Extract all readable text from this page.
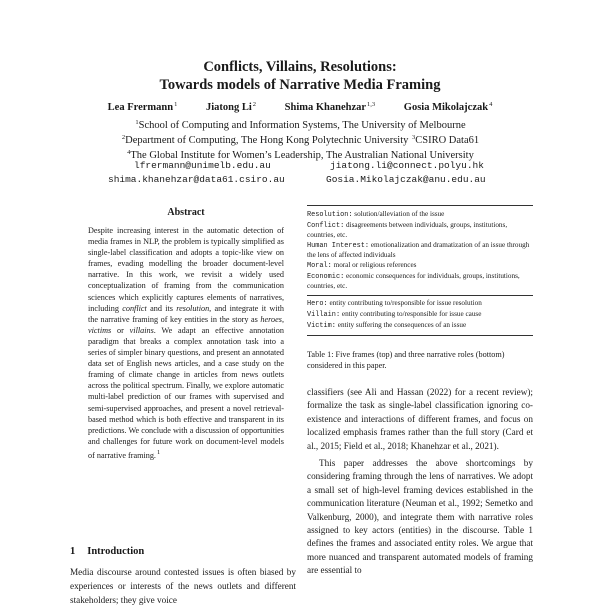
Conflicts, Villains, Resolutions:
Towards models of Narrative Media Framing
Lea Frermann$^1$	Jiatong Li$^2$	Shima Khanehzar$^{1,3}$	Gosia Mikolajczak$^4$
$^1$School of Computing and Information Systems, The University of Melbourne
$^2$Department of Computing, The Hong Kong Polytechnic University $^3$CSIRO Data61
$^4$The Global Institute for Women’s Leadership, The Australian National University
lfrermann@unimelb.edu.au	jiatong.li@connect.polyu.hk
shima.khanehzar@data61.csiro.au	Gosia.Mikolajczak@anu.edu.au
Abstract
Despite increasing interest in the automatic detection of media frames in NLP, the problem is typically simplified as single-label classification and adopts a topic-like view on frames, evading modelling the broader document-level narrative. In this work, we revisit a widely used conceptualization of framing from the communication sciences which explicitly captures elements of narratives, including conflict and its resolution, and integrate it with the narrative framing of key entities in the story as heroes, victims or villains. We adapt an effective annotation paradigm that breaks a complex annotation task into a series of simpler binary questions, and present an annotated data set of English news articles, and a case study on the framing of climate change in articles from news outlets across the political spectrum. Finally, we explore automatic multi-label prediction of our frames with supervised and semi-supervised approaches, and present a novel retrieval-based method which is both effective and transparent in its predictions. We conclude with a discussion of opportunities and challenges for future work on document-level models of narrative framing.$^1$
1 Introduction
Media discourse around contested issues is often biased by experiences or interests of the news outlets and different stakeholders; they give voice
Resolution: solution/alleviation of the issue
Conflict: disagreements between individuals, groups, institutions, countries, etc.
Human Interest: emotionalization and dramatization of an issue through the lens of affected individuals
Moral: moral or religious references
Economic: economic consequences for individuals, groups, institutions, countries, etc.
Hero: entity contributing to/responsible for issue resolution
Villain: entity contributing to/responsible for issue cause
Victim: entity suffering the consequences of an issue
Table 1: Five frames (top) and three narrative roles (bottom) considered in this paper.

classifiers (see Ali and Hassan (2022) for a recent review); formalize the task as single-label classification ignoring co-existence and interactions of different frames, and focus on localized emphasis frames rather than the full story (Card et al., 2015; Field et al., 2018; Khanehzar et al., 2021).

This paper addresses the above shortcomings by considering framing through the lens of narratives. We adopt a small set of high-level framing devices established in the communication literature (Neuman et al., 1992; Semetko and Valkenburg, 2000), and integrate them with narrative roles assigned to key actors (entities) in the discourse. Table 1 defines the frames and associated entity roles. We argue that more nuanced and transparent automated models of framing are essential to
